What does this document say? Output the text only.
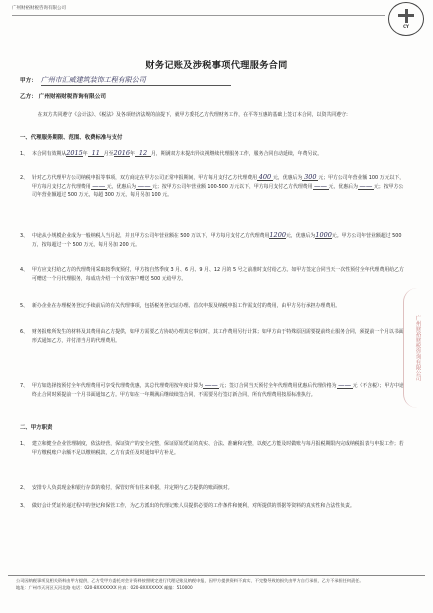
广州财裕财税咨询有限公司
CY
财务记账及涉税事项代理服务合同
甲方： 广州市汇威建筑装饰工程有限公司
乙方： 广州财裕财税咨询有限公司
在双方共同遵守《会计法》、《税法》及各项经济法规的前提下，就甲方委托乙方代理财务工作，在平等互惠的基础上签订本合同，以资共同遵守：
一、代理服务期限、范围、收费标准与支付
1、 本合同有效期从2015年 11 月至2016年 12 月，期满双方未提出异议视继续代理服务工作，服务合同自动延续，年费另议。
2、 针对乙方代理甲方公司纳税申报等事项，双方商定在甲方公司正常申报期间，甲方每月支付乙方代理费用 400 元，优惠后为 300 元；甲方公司年营业额 100 万元以下，甲方每月支付乙方代理费用 —— 元，优惠后为 —— 元；按甲方公司年营业额 100-500 万元以下，甲方每月支付乙方代理费用 —— 元，优惠后为 —— 元；按甲方公司年营业额超过 500 万元，每超 300 万元，每月另加 100 元。
3、 中途从小规模企业成为一般纳税人当月起，并且甲方公司年营业额在 500 万以下，甲方每月支付乙方代理费用1200元，优惠后为1000元。甲方公司年营业额超过 500 万，按每超过一个 500 万元，每月另加 200 元。
4、 甲方应支付给乙方的代理费用采取按季度预付，甲方按自然季度 3 月、6 月、9 月、12 月的 5 号之前准时支付给乙方。如甲方签定合同当天一次性预付全年代理费用给乙方可赠送一个月代理服务，每成功介绍一个有效客户赠送 500 元给甲方。
5、 新办企业在办理税务登记手续前后的有关代理事项，包括税务登记证办理、首次申报及纳税申报工作需支付的费用，由甲方另行承担办理费用。
6、 财务报账所发生的材料及其费用由乙方提供，如甲方需要乙方协助办理其它事宜时，其工作费用另行计算；如甲方由于特殊原因需要提前终止服务合同，须提前一个月以书面形式通知乙方，并付清当月的代理费用。
7、 甲方如选择按预付全年代理费用可享受代理费优惠，其总代理费用按年度计算为 —— 元；签订合同当天预付全年代理费用优惠后代理价格为 —— 元（不含税）；甲方中途终止合同时须提前一个月书面通知乙方。甲方如在一年期满后继续续签合同，不需要另行签订新合同，所有代理费用按原标准执行。
二、甲方职责
1、 建立和健全企业管理制度，依法经营，保证资产的安全完整，保证原始凭证的真实、合法、准确和完整，以便乙方能及时做账与每月报税期限内完成纳税报表与申报工作；若甲方缴税账户余额不足以缴纳税款，乙方有责任及时通知甲方补足。
2、 安排专人负责现金和银行存款的收付，保管好所有往来单据，并定期与乙方提供的账面核对。
3、 做好会计凭证传递过程中的登记和保管工作，为乙方派出的代理记账人员提供必要的工作条件和便利，对所提供的票据等资料的真实性和合法性负责。
广州财裕财税咨询有限公司
公司因纳税事项及相关资料由甲方提供，乙方受甲方委托对会计资料按照规定进行代理记账及纳税申报，因甲方提供资料不真实、不完整导致的损失由甲方自行承担，乙方不承担任何责任。
地址：广州市天河区天河北路 电话：020-8XXXXXXX 传真：020-8XXXXXXX 邮编：510000
